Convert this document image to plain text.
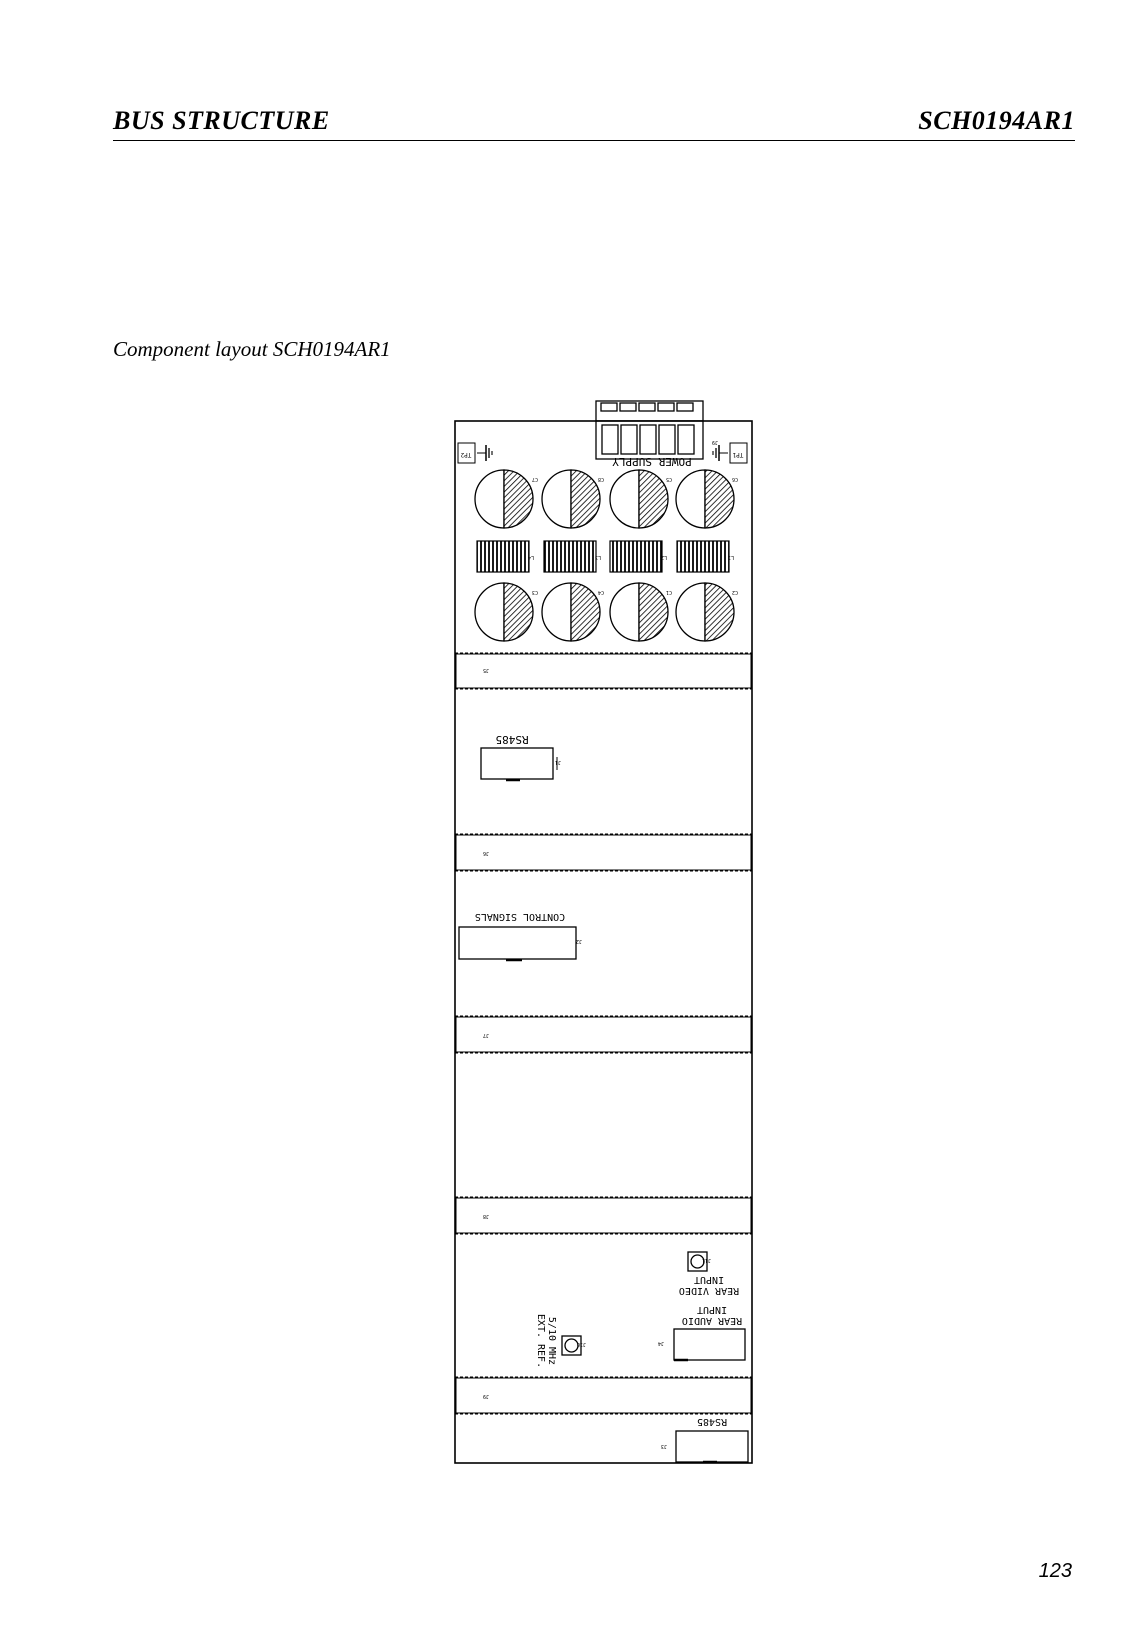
BUS STRUCTURE	SCH0194AR1
Component layout SCH0194AR1
TP2	TP1
J9
POWER SUPPLY
C7	C8	C5	C6
L4	L3	L2	L1
C3	C4	C1	C2
J5
RS485
J1
J6
CONTROL SIGNALS
J2
J7
J8
J11
REAR VIDEO
INPUT
REAR AUDIO
INPUT
J4
J10
5/10 MHz
EXT. REF.
J9
RS485
J3
123
